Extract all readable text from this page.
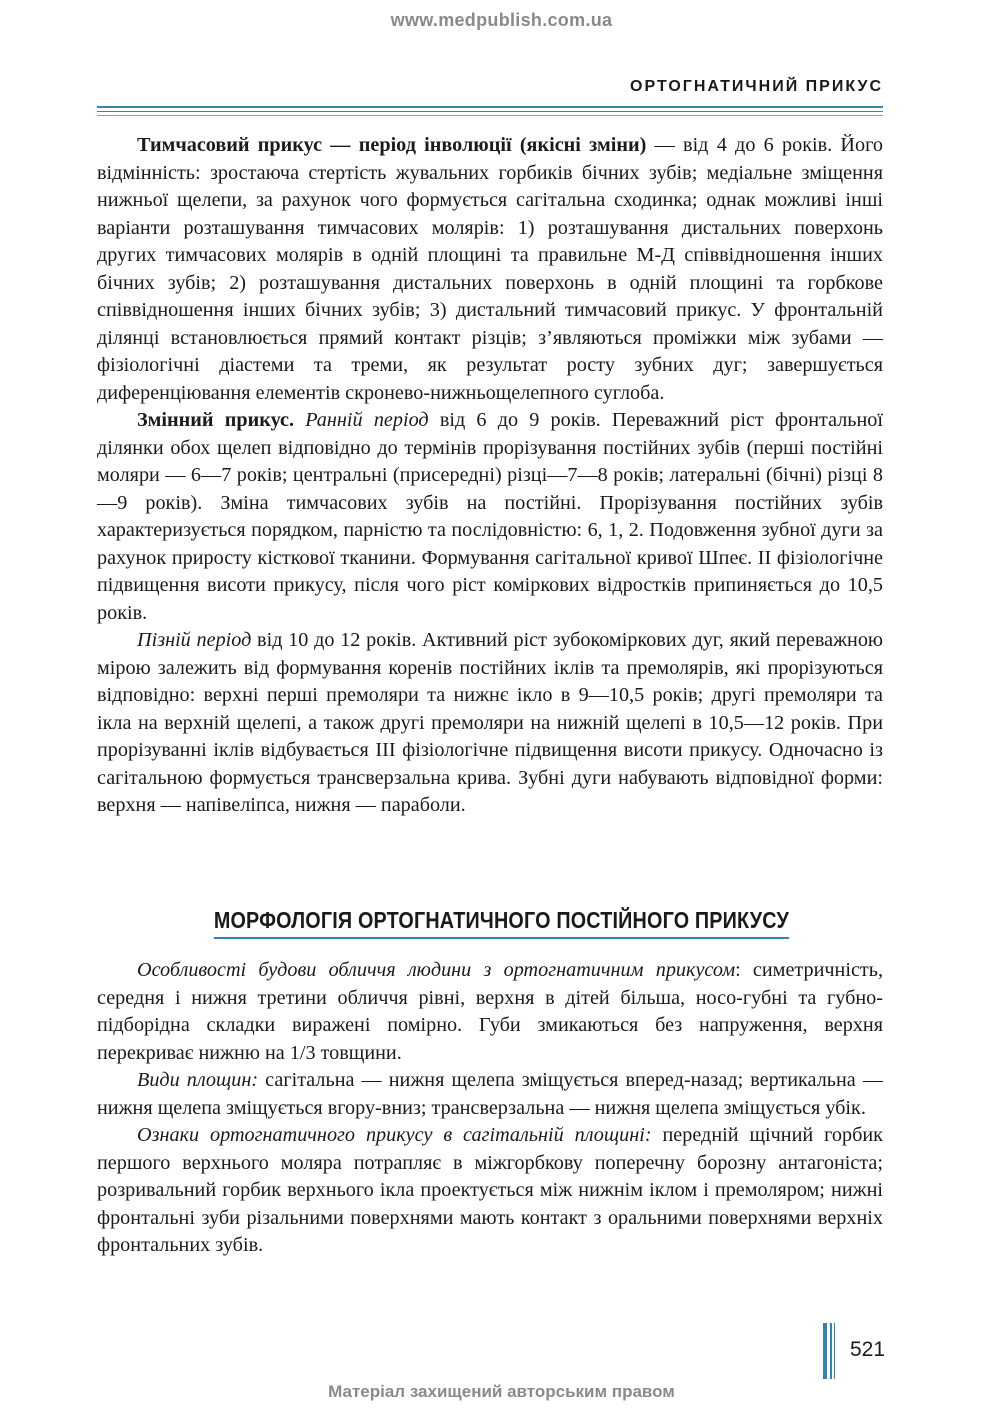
www.medpublish.com.ua
ОРТОГНАТИЧНИЙ ПРИКУС

Тимчасовий прикус — період інволюції (якісні зміни) — від 4 до 6 років. Його відмінність: зростаюча стертість жувальних горбиків бічних зубів; медіальне зміщення нижньої щелепи, за рахунок чого формується сагітальна сходинка; однак можливі інші варіанти розташування тимчасових молярів: 1) розташування дистальних поверхонь других тимчасових молярів в одній площині та правильне М-Д співвідношення інших бічних зубів; 2) розташування дистальних поверхонь в одній площині та горбкове співвідношення інших бічних зубів; 3) дистальний тимчасовий прикус. У фронтальній ділянці встановлюється прямий контакт різців; з’являються проміжки між зубами — фізіологічні діастеми та треми, як результат росту зубних дуг; завершується диференціювання елементів скронево-нижньощелепного суглоба.

Змінний прикус. Ранній період від 6 до 9 років. Переважний ріст фронтальної ділянки обох щелеп відповідно до термінів прорізування постійних зубів (перші постійні моляри — 6—7 років; центральні (присередні) різці—7—8 років; латеральні (бічні) різці 8—9 років). Зміна тимчасових зубів на постійні. Прорізування постійних зубів характеризується порядком, парністю та послідовністю: 6, 1, 2. Подовження зубної дуги за рахунок приросту кісткової тканини. Формування сагітальної кривої Шпеє. II фізіологічне підвищення висоти прикусу, після чого ріст коміркових відростків припиняється до 10,5 років.

Пізній період від 10 до 12 років. Активний ріст зубокоміркових дуг, який переважною мірою залежить від формування коренів постійних іклів та премолярів, які прорізуються відповідно: верхні перші премоляри та нижнє ікло в 9—10,5 років; другі премоляри та ікла на верхній щелепі, а також другі премоляри на нижній щелепі в 10,5—12 років. При прорізуванні іклів відбувається III фізіологічне підвищення висоти прикусу. Одночасно із сагітальною формується трансверзальна крива. Зубні дуги набувають відповідної форми: верхня — напівеліпса, нижня — параболи.

МОРФОЛОГІЯ ОРТОГНАТИЧНОГО ПОСТІЙНОГО ПРИКУСУ

Особливості будови обличчя людини з ортогнатичним прикусом: симетричність, середня і нижня третини обличчя рівні, верхня в дітей більша, носо-губні та губно-підборідна складки виражені помірно. Губи змикаються без напруження, верхня перекриває нижню на 1/3 товщини.

Види площин: сагітальна — нижня щелепа зміщується вперед-назад; вертикальна — нижня щелепа зміщується вгору-вниз; трансверзальна — нижня щелепа зміщується убік.

Ознаки ортогнатичного прикусу в сагітальній площині: передній щічний горбик першого верхнього моляра потрапляє в міжгорбкову поперечну борозну антагоніста; розривальний горбик верхнього ікла проектується між нижнім іклом і премоляром; нижні фронтальні зуби різальними поверхнями мають контакт з оральними поверхнями верхніх фронтальних зубів.

521
Матеріал захищений авторським правом
